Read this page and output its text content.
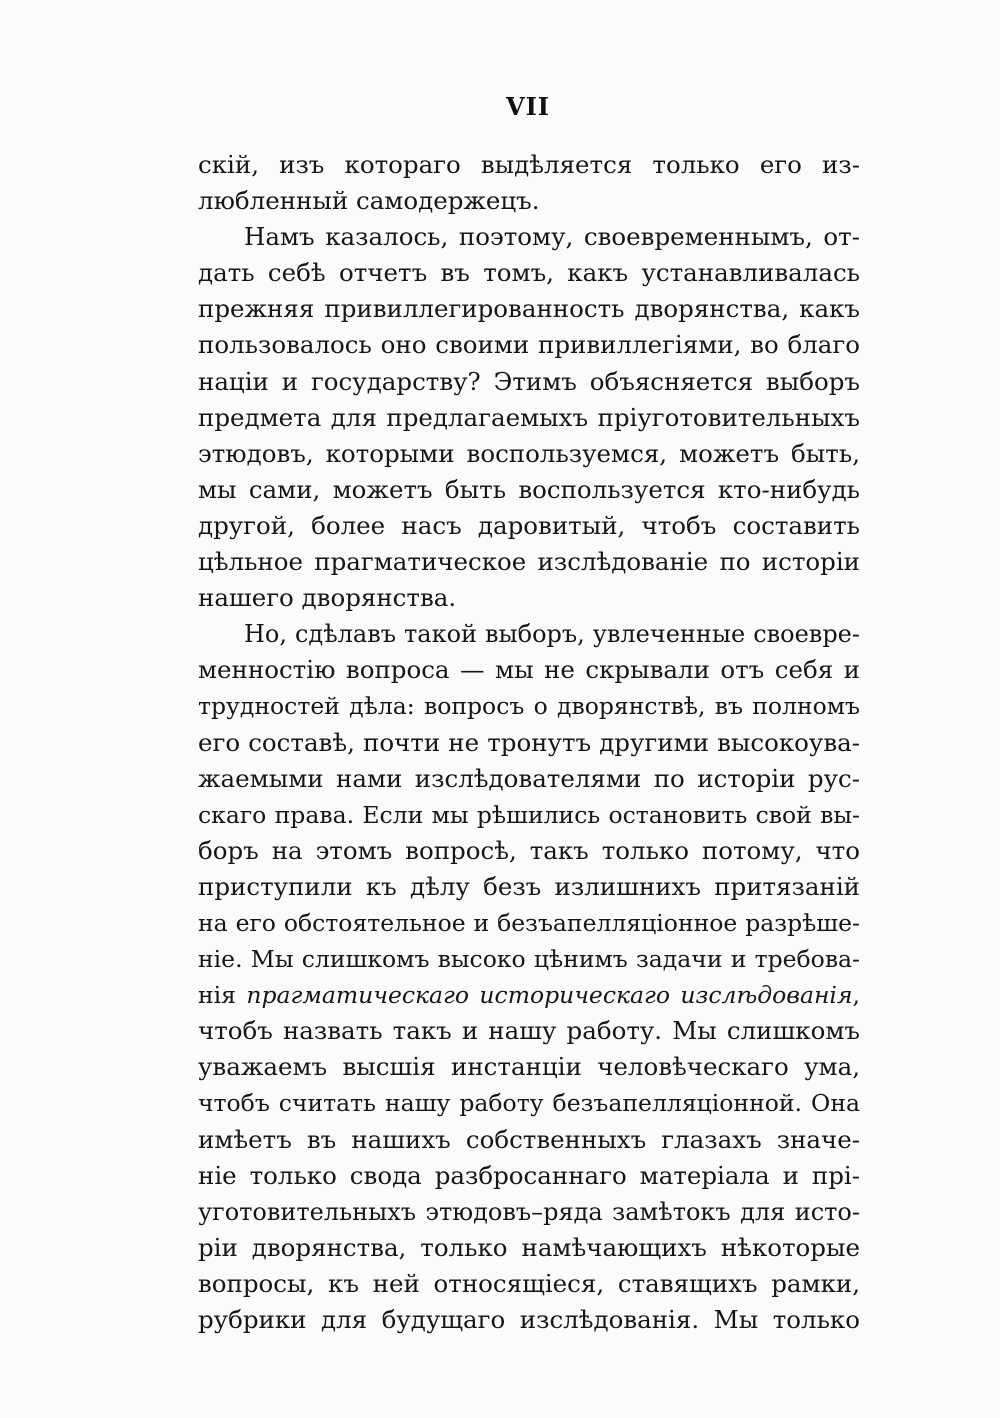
VII
скій, изъ котораго выдѣляется только его из-
любленный самодержецъ.
Намъ казалось, поэтому, своевременнымъ, от-
дать себѣ отчетъ въ томъ, какъ устанавливалась
прежняя привиллегированность дворянства, какъ
пользовалось оно своими привиллегіями, во благо
націи и государству? Этимъ объясняется выборъ
предмета для предлагаемыхъ пріуготовительныхъ
этюдовъ, которыми воспользуемся, можетъ быть,
мы сами, можетъ быть воспользуется кто-нибудь
другой, более насъ даровитый, чтобъ составить
цѣльное прагматическое изслѣдованіе по исторіи
нашего дворянства.
Но, сдѣлавъ такой выборъ, увлеченные своевре-
менностію вопроса — мы не скрывали отъ себя и
трудностей дѣла: вопросъ о дворянствѣ, въ полномъ
его составѣ, почти не тронутъ другими высокоува-
жаемыми нами изслѣдователями по исторіи рус-
скаго права. Если мы рѣшились остановить свой вы-
боръ на этомъ вопросѣ, такъ только потому, что
приступили къ дѣлу безъ излишнихъ притязаній
на его обстоятельное и безъапелляціонное разрѣше-
ніе. Мы слишкомъ высоко цѣнимъ задачи и требова-
нія прагматическаго историческаго изслѣдованія,
чтобъ назвать такъ и нашу работу. Мы слишкомъ
уважаемъ высшія инстанціи человѣческаго ума,
чтобъ считать нашу работу безъапелляціонной. Она
имѣетъ въ нашихъ собственныхъ глазахъ значе-
ніе только свода разбросаннаго матеріала и прі-
уготовительныхъ этюдовъ–ряда замѣтокъ для исто-
ріи дворянства, только намѣчающихъ нѣкоторые
вопросы, къ ней относящіеся, ставящихъ рамки,
рубрики для будущаго изслѣдованія. Мы только
